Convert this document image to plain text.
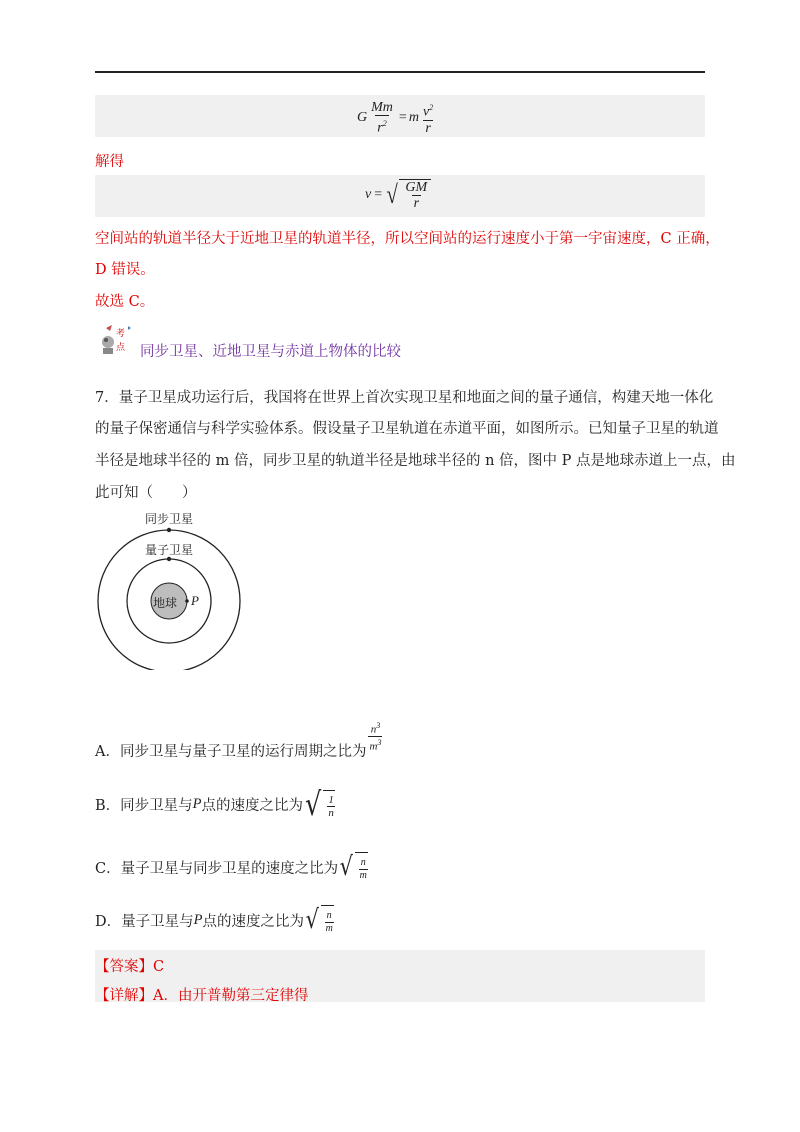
G $\frac{Mm}{r^2} = m \frac{v^2}{r}$
解得
v = √ $\frac{GM}{r}$
空间站的轨道半径大于近地卫星的轨道半径，所以空间站的运行速度小于第一宇宙速度，C 正确，
D 错误。
故选 C。
考
点 同步卫星、近地卫星与赤道上物体的比较
7．量子卫星成功运行后，我国将在世界上首次实现卫星和地面之间的量子通信，构建天地一体化
的量子保密通信与科学实验体系。假设量子卫星轨道在赤道平面，如图所示。已知量子卫星的轨道
半径是地球半径的 m 倍，同步卫星的轨道半径是地球半径的 n 倍，图中 P 点是地球赤道上一点，由
此可知（　　）
同步卫星
量子卫星
地球 P
A．同步卫星与量子卫星的运行周期之比为 $\frac{n^3}{m^3}$
B．同步卫星与 P 点的速度之比为 √ $\frac{1}{n}$
C．量子卫星与同步卫星的速度之比为 √ $\frac{n}{m}$
D．量子卫星与 P 点的速度之比为 √ $\frac{n}{m}$
【答案】C
【详解】A．由开普勒第三定律得
